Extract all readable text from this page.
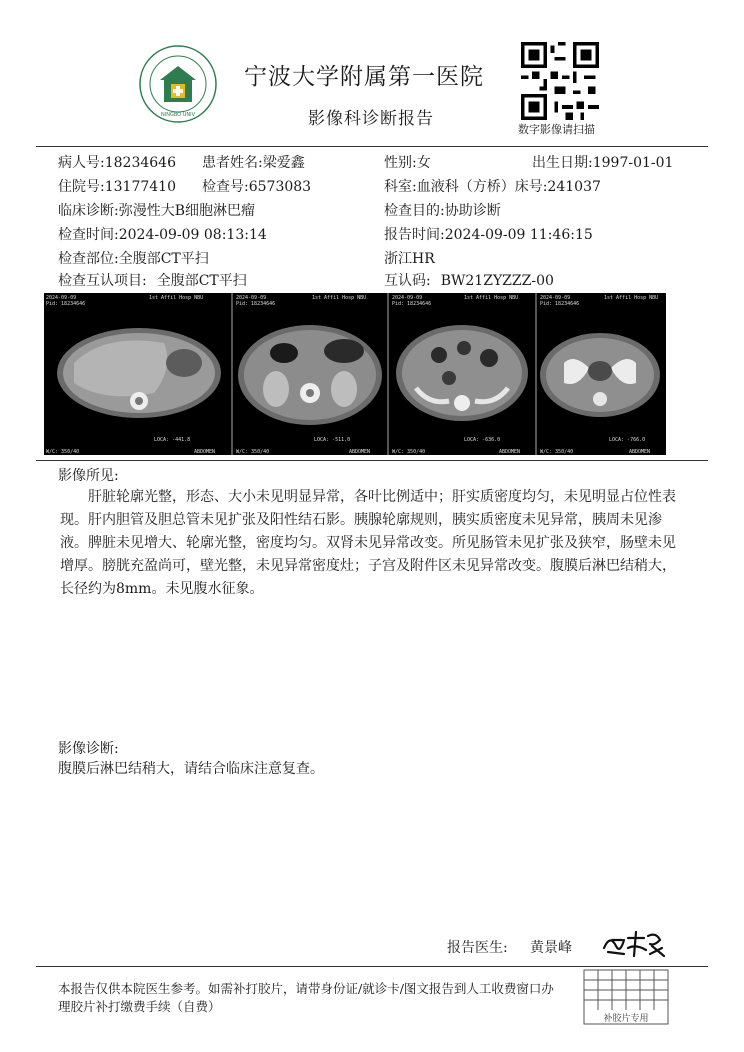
NINGBO UNIV
宁波大学附属第一医院
影像科诊断报告
数字影像请扫描
病人号:18234646 患者姓名:梁爱鑫	性别:女	出生日期:1997-01-01
住院号:13177410 检查号:6573083	科室:血液科（方桥）床号:241037
临床诊断:弥漫性大B细胞淋巴瘤	检查目的:协助诊断
检查时间:2024-09-09 08:13:14	报告时间:2024-09-09 11:46:15
检查部位:全腹部CT平扫	浙江HR
检查互认项目: 全腹部CT平扫	互认码: BW21ZYZZZ-00
2024-09-09	1st Affil Hosp NBU
Pid: 18234646
LOCA: -441.8
W/C: 350/40	ABDOMEN
2024-09-09	1st Affil Hosp NBU
Pid: 18234646
LOCA: -511.0
W/C: 350/40	ABDOMEN
2024-09-09	1st Affil Hosp NBU
Pid: 18234646
LOCA: -636.0
W/C: 350/40	ABDOMEN
2024-09-09	1st Affil Hosp NBU
Pid: 18234646
LOCA: -766.0
W/C: 350/40	ABDOMEN
影像所见:

肝脏轮廓光整，形态、大小未见明显异常，各叶比例适中；肝实质密度均匀，未见明显占位性表现。肝内胆管及胆总管未见扩张及阳性结石影。胰腺轮廓规则，胰实质密度未见异常，胰周未见渗液。脾脏未见增大、轮廓光整，密度均匀。双肾未见异常改变。所见肠管未见扩张及狭窄，肠壁未见增厚。膀胱充盈尚可，壁光整，未见异常密度灶；子宫及附件区未见异常改变。腹膜后淋巴结稍大，长径约为8mm。未见腹水征象。

影像诊断:
腹膜后淋巴结稍大，请结合临床注意复查。
报告医生: 黄景峰
本报告仅供本院医生参考。如需补打胶片，请带身份证/就诊卡/图文报告到人工收费窗口办理胶片补打缴费手续（自费）
补胶片专用
